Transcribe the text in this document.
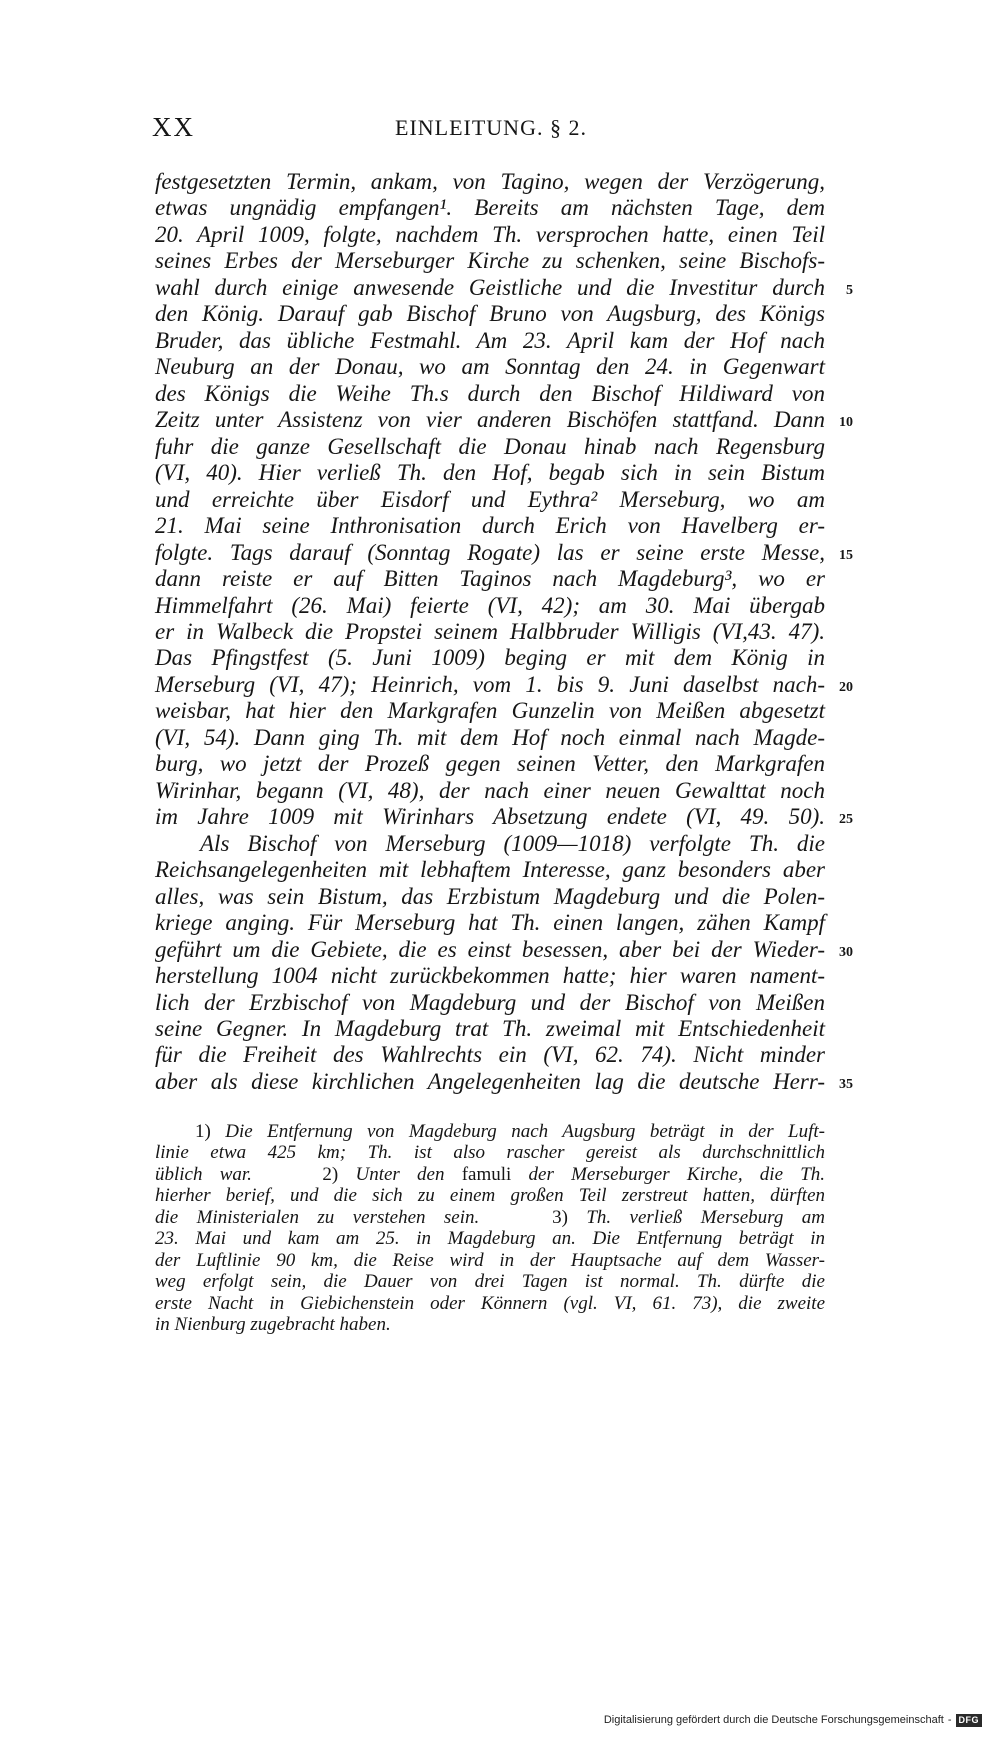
XX	EINLEITUNG. § 2.
festgesetzten Termin, ankam, von Tagino, wegen der Verzögerung,
etwas ungnädig empfangen¹. Bereits am nächsten Tage, dem
20. April 1009, folgte, nachdem Th. versprochen hatte, einen Teil
seines Erbes der Merseburger Kirche zu schenken, seine Bischofs-
wahl durch einige anwesende Geistliche und die Investitur durch 5
den König. Darauf gab Bischof Bruno von Augsburg, des Königs
Bruder, das übliche Festmahl. Am 23. April kam der Hof nach
Neuburg an der Donau, wo am Sonntag den 24. in Gegenwart
des Königs die Weihe Th.s durch den Bischof Hildiward von
Zeitz unter Assistenz von vier anderen Bischöfen stattfand. Dann 10
fuhr die ganze Gesellschaft die Donau hinab nach Regensburg
(VI, 40). Hier verließ Th. den Hof, begab sich in sein Bistum
und erreichte über Eisdorf und Eythra² Merseburg, wo am
21. Mai seine Inthronisation durch Erich von Havelberg er-
folgte. Tags darauf (Sonntag Rogate) las er seine erste Messe, 15
dann reiste er auf Bitten Taginos nach Magdeburg³, wo er
Himmelfahrt (26. Mai) feierte (VI, 42); am 30. Mai übergab
er in Walbeck die Propstei seinem Halbbruder Willigis (VI,43. 47).
Das Pfingstfest (5. Juni 1009) beging er mit dem König in
Merseburg (VI, 47); Heinrich, vom 1. bis 9. Juni daselbst nach- 20
weisbar, hat hier den Markgrafen Gunzelin von Meißen abgesetzt
(VI, 54). Dann ging Th. mit dem Hof noch einmal nach Magde-
burg, wo jetzt der Prozeß gegen seinen Vetter, den Markgrafen
Wirinhar, begann (VI, 48), der nach einer neuen Gewalttat noch
im Jahre 1009 mit Wirinhars Absetzung endete (VI, 49. 50). 25
Als Bischof von Merseburg (1009—1018) verfolgte Th. die
Reichsangelegenheiten mit lebhaftem Interesse, ganz besonders aber
alles, was sein Bistum, das Erzbistum Magdeburg und die Polen-
kriege anging. Für Merseburg hat Th. einen langen, zähen Kampf
geführt um die Gebiete, die es einst besessen, aber bei der Wieder- 30
herstellung 1004 nicht zurückbekommen hatte; hier waren nament-
lich der Erzbischof von Magdeburg und der Bischof von Meißen
seine Gegner. In Magdeburg trat Th. zweimal mit Entschiedenheit
für die Freiheit des Wahlrechts ein (VI, 62. 74). Nicht minder
aber als diese kirchlichen Angelegenheiten lag die deutsche Herr- 35
1) Die Entfernung von Magdeburg nach Augsburg beträgt in der Luft-
linie etwa 425 km; Th. ist also rascher gereist als durchschnittlich
üblich war.	2) Unter den famuli der Merseburger Kirche, die Th.
hierher berief, und die sich zu einem großen Teil zerstreut hatten, dürften
die Ministerialen zu verstehen sein.	3) Th. verließ Merseburg am
23. Mai und kam am 25. in Magdeburg an. Die Entfernung beträgt in
der Luftlinie 90 km, die Reise wird in der Hauptsache auf dem Wasser-
weg erfolgt sein, die Dauer von drei Tagen ist normal. Th. dürfte die
erste Nacht in Giebichenstein oder Könnern (vgl. VI, 61. 73), die zweite
in Nienburg zugebracht haben.
Digitalisierung gefördert durch die Deutsche Forschungsgemeinschaft - DFG
